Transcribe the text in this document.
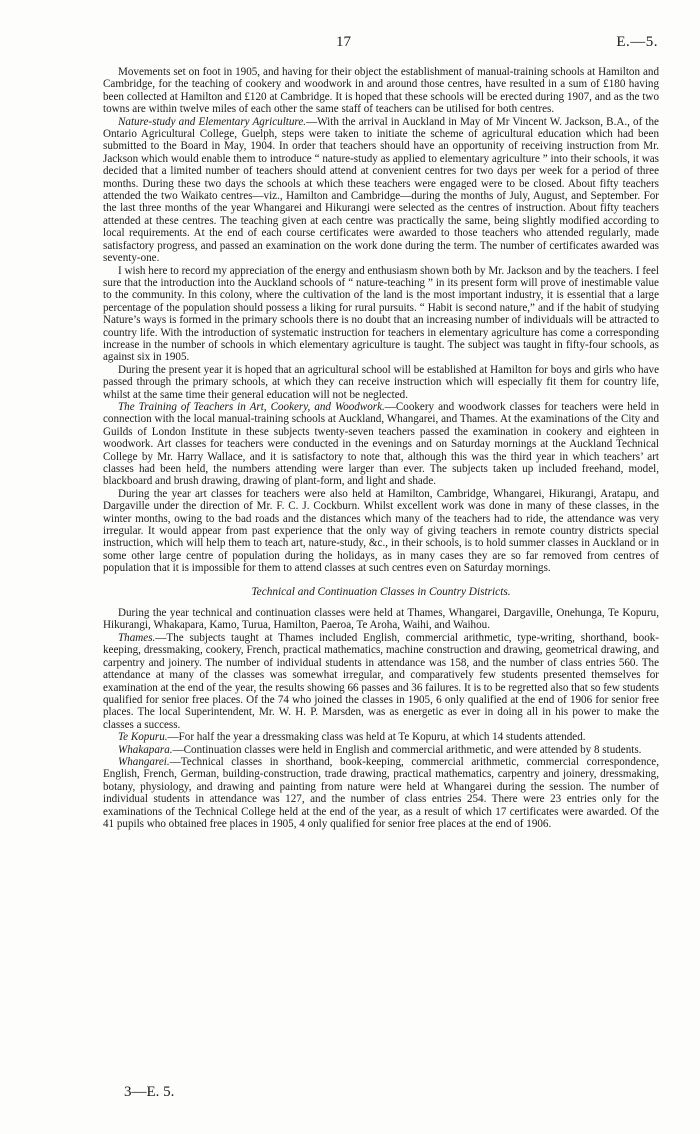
17	E.—5.

Movements set on foot in 1905, and having for their object the establishment of manual-training schools at Hamilton and Cambridge, for the teaching of cookery and woodwork in and around those centres, have resulted in a sum of £180 having been collected at Hamilton and £120 at Cambridge. It is hoped that these schools will be erected during 1907, and as the two towns are within twelve miles of each other the same staff of teachers can be utilised for both centres.

Nature-study and Elementary Agriculture.—With the arrival in Auckland in May of Mr Vincent W. Jackson, B.A., of the Ontario Agricultural College, Guelph, steps were taken to initiate the scheme of agricultural education which had been submitted to the Board in May, 1904. In order that teachers should have an opportunity of receiving instruction from Mr. Jackson which would enable them to introduce “ nature-study as applied to elementary agriculture ” into their schools, it was decided that a limited number of teachers should attend at convenient centres for two days per week for a period of three months. During these two days the schools at which these teachers were engaged were to be closed. About fifty teachers attended the two Waikato centres—viz., Hamilton and Cambridge—during the months of July, August, and September. For the last three months of the year Whangarei and Hikurangi were selected as the centres of instruction. About fifty teachers attended at these centres. The teaching given at each centre was practically the same, being slightly modified according to local requirements. At the end of each course certificates were awarded to those teachers who attended regularly, made satisfactory progress, and passed an examination on the work done during the term. The number of certificates awarded was seventy-one.

I wish here to record my appreciation of the energy and enthusiasm shown both by Mr. Jackson and by the teachers. I feel sure that the introduction into the Auckland schools of “ nature-teaching ” in its present form will prove of inestimable value to the community. In this colony, where the cultivation of the land is the most important industry, it is essential that a large percentage of the population should possess a liking for rural pursuits. “ Habit is second nature,” and if the habit of studying Nature’s ways is formed in the primary schools there is no doubt that an increasing number of individuals will be attracted to country life. With the introduction of systematic instruction for teachers in elementary agriculture has come a corresponding increase in the number of schools in which elementary agriculture is taught. The subject was taught in fifty-four schools, as against six in 1905.

During the present year it is hoped that an agricultural school will be established at Hamilton for boys and girls who have passed through the primary schools, at which they can receive instruction which will especially fit them for country life, whilst at the same time their general education will not be neglected.

The Training of Teachers in Art, Cookery, and Woodwork.—Cookery and woodwork classes for teachers were held in connection with the local manual-training schools at Auckland, Whangarei, and Thames. At the examinations of the City and Guilds of London Institute in these subjects twenty-seven teachers passed the examination in cookery and eighteen in woodwork. Art classes for teachers were conducted in the evenings and on Saturday mornings at the Auckland Technical College by Mr. Harry Wallace, and it is satisfactory to note that, although this was the third year in which teachers’ art classes had been held, the numbers attending were larger than ever. The subjects taken up included freehand, model, blackboard and brush drawing, drawing of plant-form, and light and shade.

During the year art classes for teachers were also held at Hamilton, Cambridge, Whangarei, Hikurangi, Aratapu, and Dargaville under the direction of Mr. F. C. J. Cockburn. Whilst excellent work was done in many of these classes, in the winter months, owing to the bad roads and the distances which many of the teachers had to ride, the attendance was very irregular. It would appear from past experience that the only way of giving teachers in remote country districts special instruction, which will help them to teach art, nature-study, &c., in their schools, is to hold summer classes in Auckland or in some other large centre of population during the holidays, as in many cases they are so far removed from centres of population that it is impossible for them to attend classes at such centres even on Saturday mornings.

Technical and Continuation Classes in Country Districts.

During the year technical and continuation classes were held at Thames, Whangarei, Dargaville, Onehunga, Te Kopuru, Hikurangi, Whakapara, Kamo, Turua, Hamilton, Paeroa, Te Aroha, Waihi, and Waihou.

Thames.—The subjects taught at Thames included English, commercial arithmetic, type-writing, shorthand, book-keeping, dressmaking, cookery, French, practical mathematics, machine construction and drawing, geometrical drawing, and carpentry and joinery. The number of individual students in attendance was 158, and the number of class entries 560. The attendance at many of the classes was somewhat irregular, and comparatively few students presented themselves for examination at the end of the year, the results showing 66 passes and 36 failures. It is to be regretted also that so few students qualified for senior free places. Of the 74 who joined the classes in 1905, 6 only qualified at the end of 1906 for senior free places. The local Superintendent, Mr. W. H. P. Marsden, was as energetic as ever in doing all in his power to make the classes a success.

Te Kopuru.—For half the year a dressmaking class was held at Te Kopuru, at which 14 students attended.

Whakapara.—Continuation classes were held in English and commercial arithmetic, and were attended by 8 students.

Whangarei.—Technical classes in shorthand, book-keeping, commercial arithmetic, commercial correspondence, English, French, German, building-construction, trade drawing, practical mathematics, carpentry and joinery, dressmaking, botany, physiology, and drawing and painting from nature were held at Whangarei during the session. The number of individual students in attendance was 127, and the number of class entries 254. There were 23 entries only for the examinations of the Technical College held at the end of the year, as a result of which 17 certificates were awarded. Of the 41 pupils who obtained free places in 1905, 4 only qualified for senior free places at the end of 1906.

3—E. 5.
